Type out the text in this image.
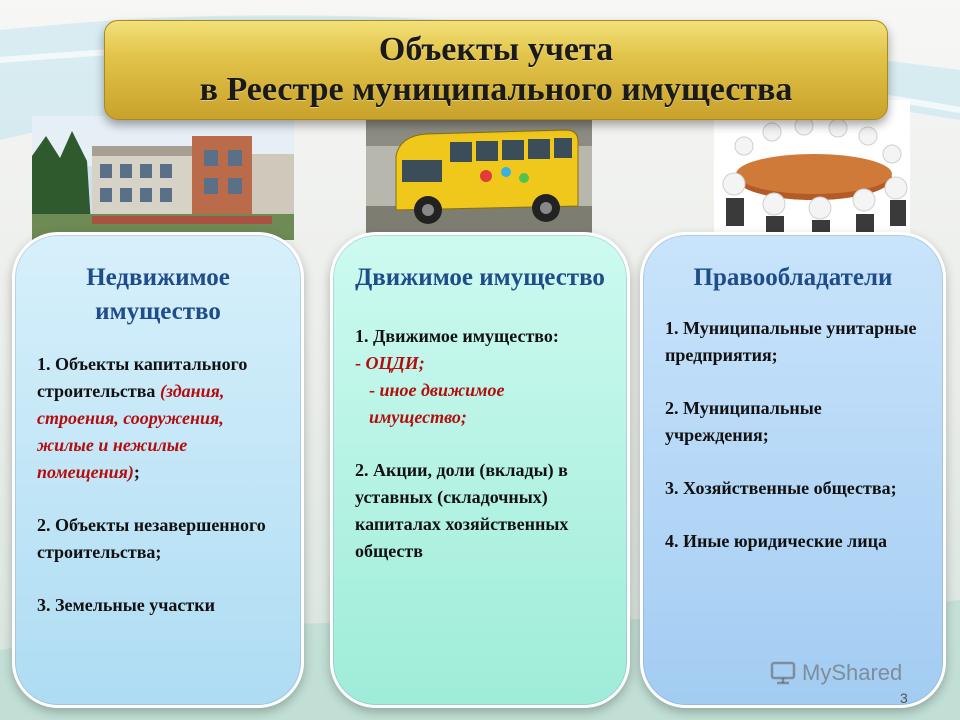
Объекты учета
в Реестре муниципального имущества
Недвижимое имущество
1. Объекты капитального строительства (здания, строения, сооружения, жилые и нежилые помещения);
2. Объекты незавершенного строительства;
3. Земельные участки
Движимое имущество
1. Движимое имущество:
- ОЦДИ;
- иное движимое имущество;
2. Акции, доли (вклады) в уставных (складочных) капиталах хозяйственных обществ
Правообладатели
1. Муниципальные унитарные предприятия;
2. Муниципальные учреждения;
3. Хозяйственные общества;
4. Иные юридические лица
MyShared
3
